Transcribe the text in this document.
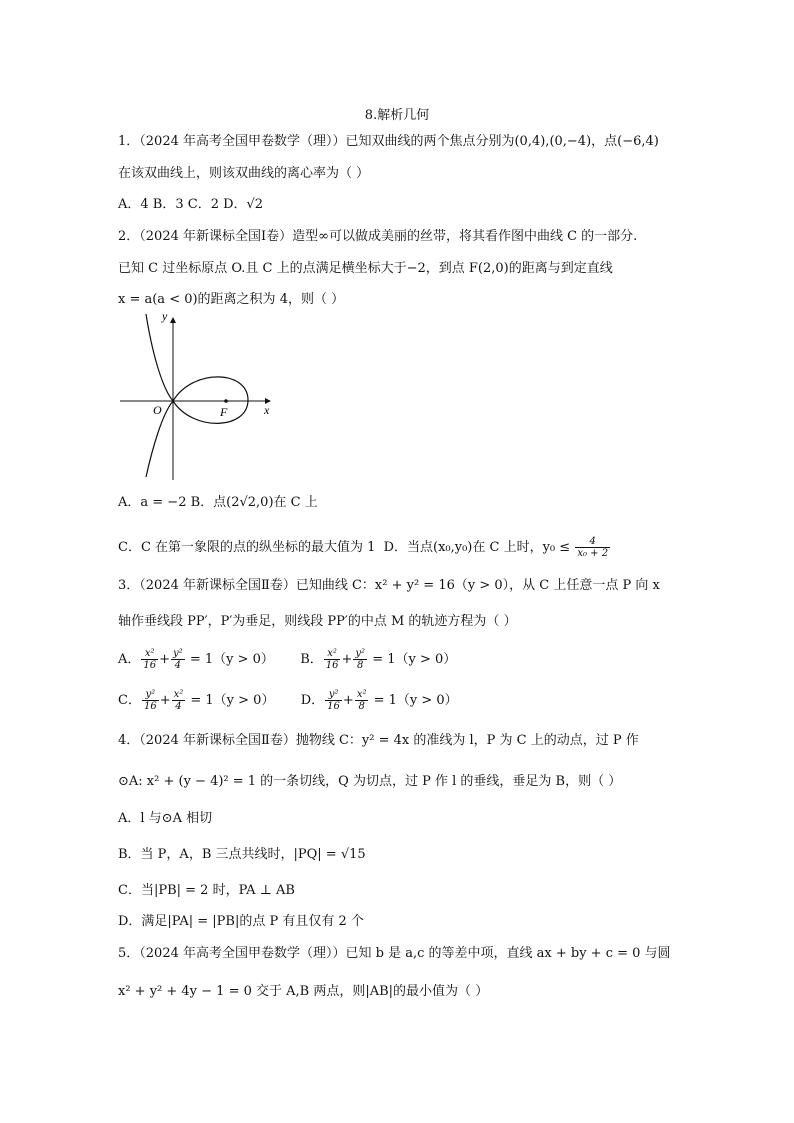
8.解析几何
1．（2024 年高考全国甲卷数学（理））已知双曲线的两个焦点分别为(0,4),(0,−4)，点(−6,4)
在该双曲线上，则该双曲线的离心率为（ ）
A．4 B．3 C．2 D．√2
2．（2024 年新课标全国Ⅰ卷）造型∞可以做成美丽的丝带，将其看作图中曲线 C 的一部分.
已知 C 过坐标原点 O.且 C 上的点满足横坐标大于−2，到点 F(2,0)的距离与到定直线
x = a(a < 0)的距离之积为 4，则（ ）
y
x
O	F
A．a = −2 B．点(2√2,0)在 C 上
C．C 在第一象限的点的纵坐标的最大值为 1 D．当点(x₀,y₀)在 C 上时，$y_0 \le \frac{4}{\text{x₀ + 2}}$
3．（2024 年新课标全国Ⅱ卷）已知曲线 C：x² + y² = 16（y > 0），从 C 上任意一点 P 向 x
轴作垂线段 PP′，P′为垂足，则线段 PP′的中点 M 的轨迹方程为（ ）
A． $\frac{\text{x²}}{16} + \frac{\text{y²}}{4} = 1(y > 0)$ B． $\frac{\text{x²}}{16} + \frac{\text{y²}}{8} = 1(y > 0)$
C． $\frac{\text{y²}}{16} + \frac{\text{x²}}{4} = 1(y > 0)$ D． $\frac{\text{y²}}{16} + \frac{\text{x²}}{8} = 1(y > 0)$
4．（2024 年新课标全国Ⅱ卷）抛物线 C：y² = 4x 的准线为 l，P 为 C 上的动点，过 P 作
⊙A: x² + (y − 4)² = 1 的一条切线，Q 为切点，过 P 作 l 的垂线，垂足为 B，则（ ）
A．l 与⊙A 相切
B．当 P，A，B 三点共线时，|PQ| = √15
C．当|PB| = 2 时，PA ⊥ AB
D．满足|PA| = |PB|的点 P 有且仅有 2 个
5．（2024 年高考全国甲卷数学（理））已知 b 是 a,c 的等差中项，直线 ax + by + c = 0 与圆
x² + y² + 4y − 1 = 0 交于 A,B 两点，则|AB|的最小值为（ ）
